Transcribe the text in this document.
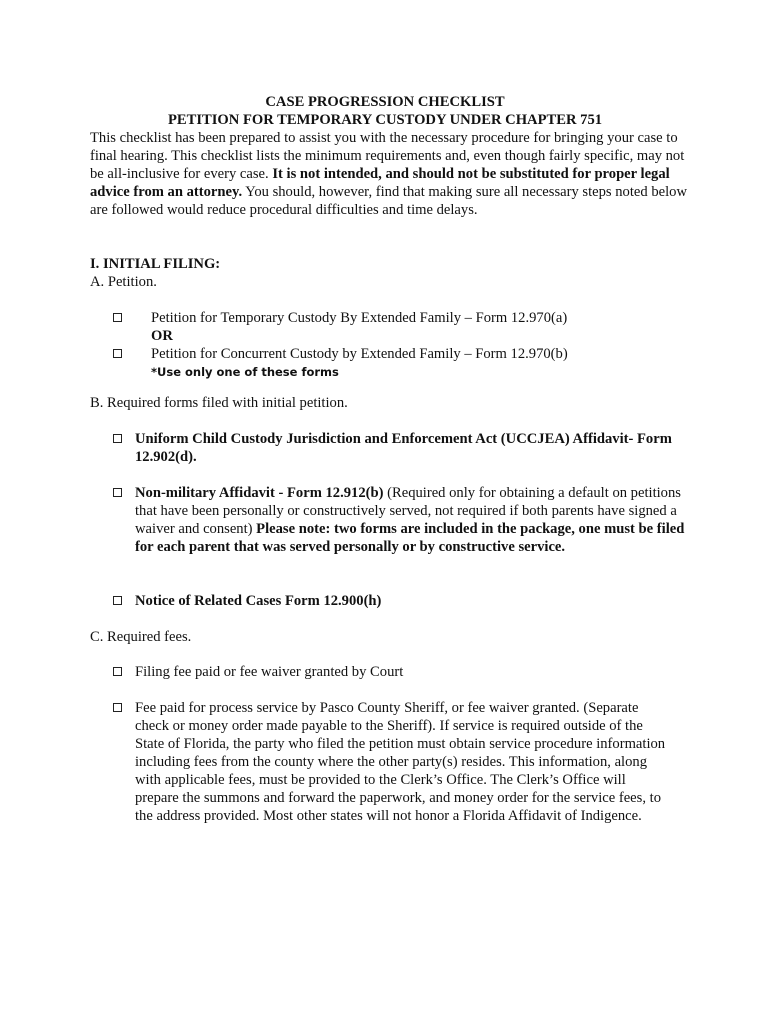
CASE PROGRESSION CHECKLIST
PETITION FOR TEMPORARY CUSTODY UNDER CHAPTER 751
This checklist has been prepared to assist you with the necessary procedure for bringing your case to final hearing. This checklist lists the minimum requirements and, even though fairly specific, may not be all-inclusive for every case. It is not intended, and should not be substituted for proper legal advice from an attorney. You should, however, find that making sure all necessary steps noted below are followed would reduce procedural difficulties and time delays.
I. INITIAL FILING:
A. Petition.
Petition for Temporary Custody By Extended Family – Form 12.970(a)
OR
Petition for Concurrent Custody by Extended Family – Form 12.970(b)
*Use only one of these forms
B. Required forms filed with initial petition.
Uniform Child Custody Jurisdiction and Enforcement Act (UCCJEA) Affidavit- Form 12.902(d).
Non-military Affidavit - Form 12.912(b) (Required only for obtaining a default on petitions that have been personally or constructively served, not required if both parents have signed a waiver and consent) Please note: two forms are included in the package, one must be filed for each parent that was served personally or by constructive service.
Notice of Related Cases Form 12.900(h)
C. Required fees.
Filing fee paid or fee waiver granted by Court
Fee paid for process service by Pasco County Sheriff, or fee waiver granted. (Separate check or money order made payable to the Sheriff). If service is required outside of the State of Florida, the party who filed the petition must obtain service procedure information including fees from the county where the other party(s) resides. This information, along with applicable fees, must be provided to the Clerk’s Office. The Clerk’s Office will prepare the summons and forward the paperwork, and money order for the service fees, to the address provided. Most other states will not honor a Florida Affidavit of Indigence.
